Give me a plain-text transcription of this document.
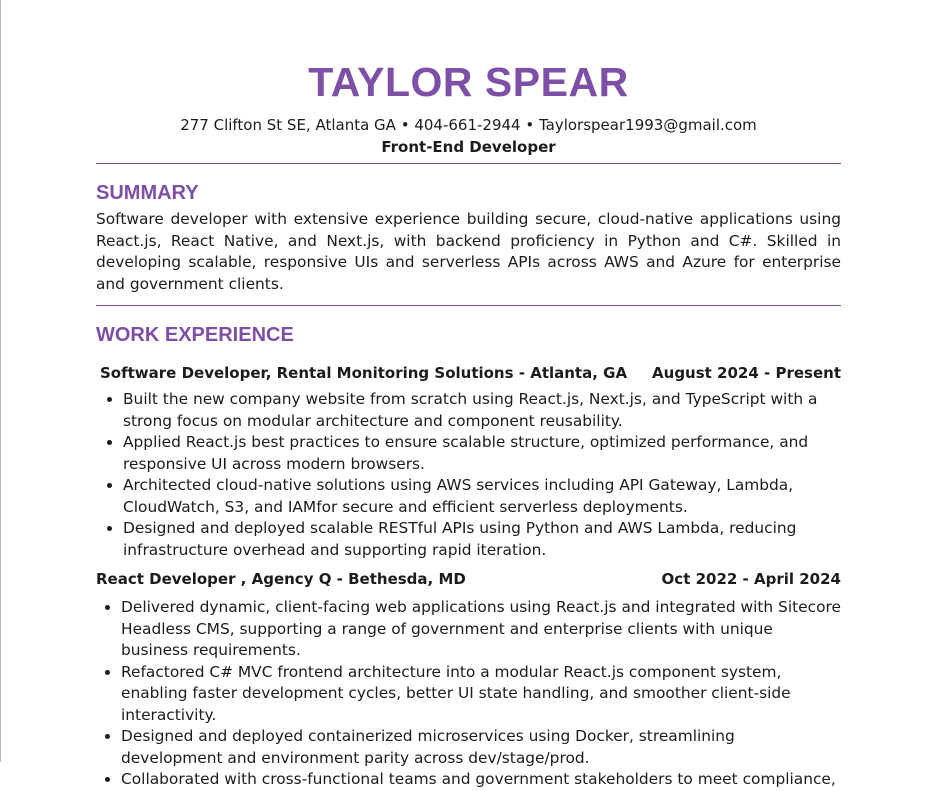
TAYLOR SPEAR
277 Clifton St SE, Atlanta GA • 404-661-2944 • Taylorspear1993@gmail.com
Front-End Developer
SUMMARY

Software developer with extensive experience building secure, cloud-native applications using React.js, React Native, and Next.js, with backend proficiency in Python and C#. Skilled in developing scalable, responsive UIs and serverless APIs across AWS and Azure for enterprise and government clients.

WORK EXPERIENCE
Software Developer, Rental Monitoring Solutions - Atlanta, GA August 2024 - Present
• Built the new company website from scratch using React.js, Next.js, and TypeScript with a strong focus on modular architecture and component reusability.
• Applied React.js best practices to ensure scalable structure, optimized performance, and responsive UI across modern browsers.
• Architected cloud-native solutions using AWS services including API Gateway, Lambda, CloudWatch, S3, and IAMfor secure and efficient serverless deployments.
• Designed and deployed scalable RESTful APIs using Python and AWS Lambda, reducing infrastructure overhead and supporting rapid iteration.
React Developer , Agency Q - Bethesda, MD	Oct 2022 - April 2024
• Delivered dynamic, client-facing web applications using React.js and integrated with Sitecore Headless CMS, supporting a range of government and enterprise clients with unique business requirements.
• Refactored C# MVC frontend architecture into a modular React.js component system, enabling faster development cycles, better UI state handling, and smoother client-side interactivity.
• Designed and deployed containerized microservices using Docker, streamlining development and environment parity across dev/stage/prod.
• Collaborated with cross-functional teams and government stakeholders to meet compliance,
